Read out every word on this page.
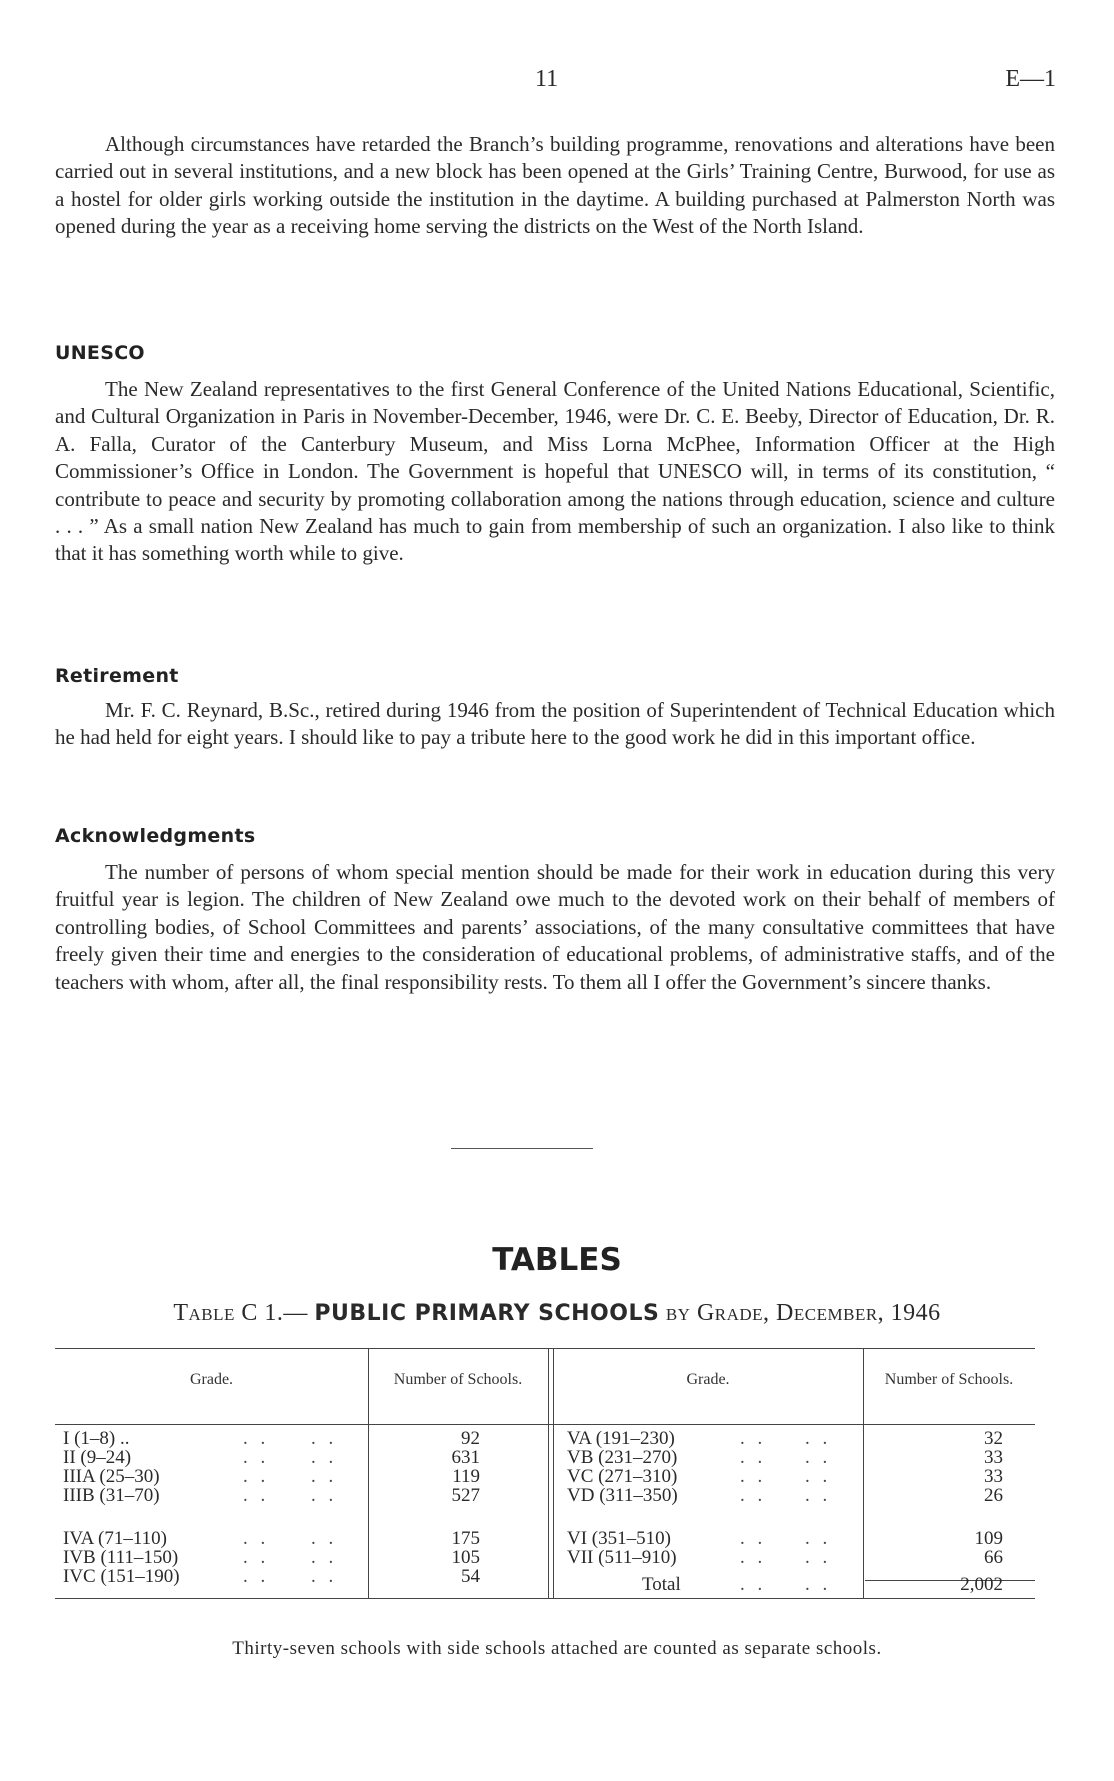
11	E—1

Although circumstances have retarded the Branch’s building programme, renovations and alterations have been carried out in several institutions, and a new block has been opened at the Girls’ Training Centre, Burwood, for use as a hostel for older girls working outside the institution in the daytime. A building purchased at Palmerston North was opened during the year as a receiving home serving the districts on the West of the North Island.

UNESCO

The New Zealand representatives to the first General Conference of the United Nations Educational, Scientific, and Cultural Organization in Paris in November-December, 1946, were Dr. C. E. Beeby, Director of Education, Dr. R. A. Falla, Curator of the Canterbury Museum, and Miss Lorna McPhee, Information Officer at the High Commissioner’s Office in London. The Government is hopeful that UNESCO will, in terms of its constitution, “ contribute to peace and security by promoting collaboration among the nations through education, science and culture . . . ” As a small nation New Zealand has much to gain from membership of such an organization. I also like to think that it has something worth while to give.

Retirement

Mr. F. C. Reynard, B.Sc., retired during 1946 from the position of Superintendent of Technical Education which he had held for eight years. I should like to pay a tribute here to the good work he did in this important office.

Acknowledgments

The number of persons of whom special mention should be made for their work in education during this very fruitful year is legion. The children of New Zealand owe much to the devoted work on their behalf of members of controlling bodies, of School Committees and parents’ associations, of the many consultative committees that have freely given their time and energies to the consideration of educational problems, of administrative staffs, and of the teachers with whom, after all, the final responsibility rests. To them all I offer the Government’s sincere thanks.

TABLES
Table C 1.— PUBLIC PRIMARY SCHOOLS by Grade, December, 1946
Grade.	Number of Schools.	Grade.	Number of Schools.
I (1–8) ..	. . . .	92
II (9–24)	. . . .	631
IIIA (25–30)	. . . .	119
IIIB (31–70)	. . . .	527
IVA (71–110)	. . . .	175
IVB (111–150)	. . . .	105
IVC (151–190)	. . . .	54
VA (191–230)	. . . .	32
VB (231–270)	. . . .	33
VC (271–310)	. . . .	33
VD (311–350)	. . . .	26
VI (351–510)	. . . .	109
VII (511–910)	. . . .	66
Total	. . . .	2,002
Thirty-seven schools with side schools attached are counted as separate schools.
